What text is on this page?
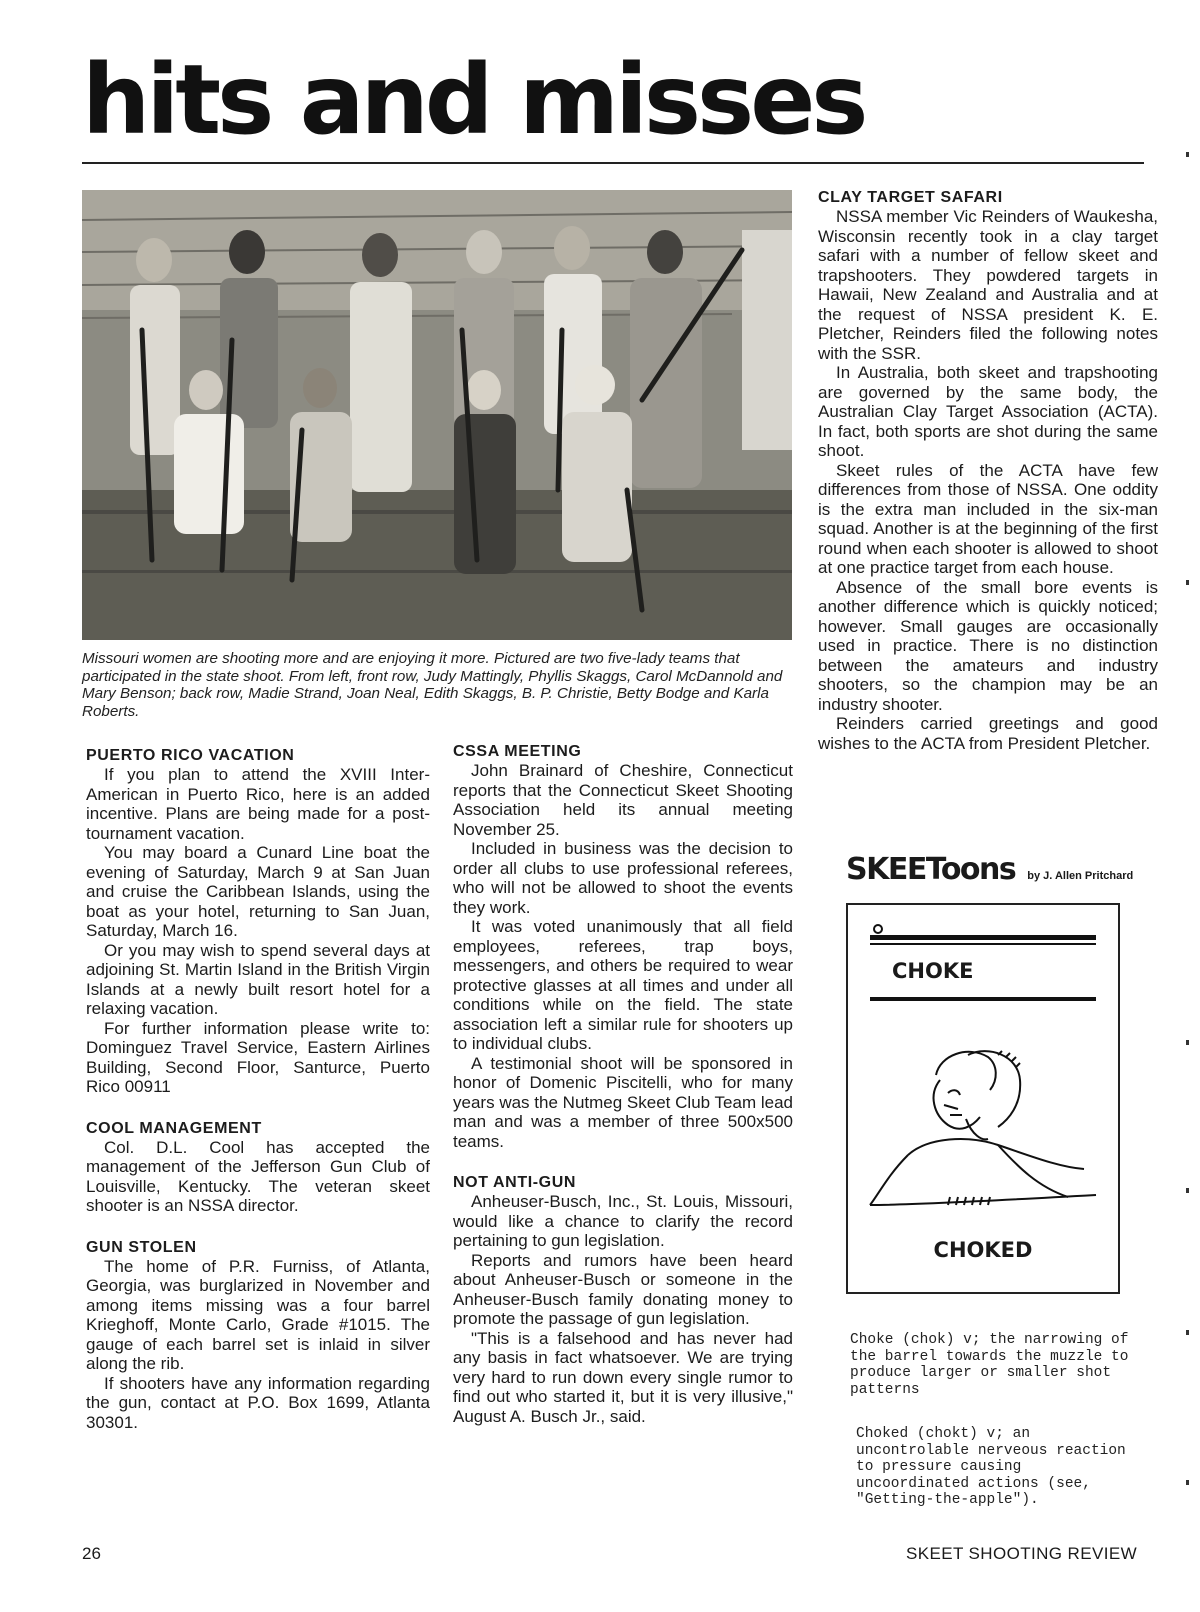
hits and misses
Missouri women are shooting more and are enjoying it more. Pictured are two five-lady teams that participated in the state shoot. From left, front row, Judy Mattingly, Phyllis Skaggs, Carol McDannold and Mary Benson; back row, Madie Strand, Joan Neal, Edith Skaggs, B. P. Christie, Betty Bodge and Karla Roberts.
PUERTO RICO VACATION

If you plan to attend the XVIII Inter-American in Puerto Rico, here is an added incentive. Plans are being made for a post-tournament vacation.

You may board a Cunard Line boat the evening of Saturday, March 9 at San Juan and cruise the Caribbean Islands, using the boat as your hotel, returning to San Juan, Saturday, March 16.

Or you may wish to spend several days at adjoining St. Martin Island in the British Virgin Islands at a newly built resort hotel for a relaxing vacation.

For further information please write to: Dominguez Travel Service, Eastern Airlines Building, Second Floor, Santurce, Puerto Rico 00911

COOL MANAGEMENT

Col. D.L. Cool has accepted the management of the Jefferson Gun Club of Louisville, Kentucky. The veteran skeet shooter is an NSSA director.

GUN STOLEN

The home of P.R. Furniss, of Atlanta, Georgia, was burglarized in November and among items missing was a four barrel Krieghoff, Monte Carlo, Grade #1015. The gauge of each barrel set is inlaid in silver along the rib.

If shooters have any information regarding the gun, contact at P.O. Box 1699, Atlanta 30301.

CSSA MEETING

John Brainard of Cheshire, Connecticut reports that the Connecticut Skeet Shooting Association held its annual meeting November 25.

Included in business was the decision to order all clubs to use professional referees, who will not be allowed to shoot the events they work.

It was voted unanimously that all field employees, referees, trap boys, messengers, and others be required to wear protective glasses at all times and under all conditions while on the field. The state association left a similar rule for shooters up to individual clubs.

A testimonial shoot will be sponsored in honor of Domenic Piscitelli, who for many years was the Nutmeg Skeet Club Team lead man and was a member of three 500x500 teams.

NOT ANTI-GUN

Anheuser-Busch, Inc., St. Louis, Missouri, would like a chance to clarify the record pertaining to gun legislation.

Reports and rumors have been heard about Anheuser-Busch or someone in the Anheuser-Busch family donating money to promote the passage of gun legislation.

"This is a falsehood and has never had any basis in fact whatsoever. We are trying very hard to run down every single rumor to find out who started it, but it is very illusive," August A. Busch Jr., said.

CLAY TARGET SAFARI

NSSA member Vic Reinders of Waukesha, Wisconsin recently took in a clay target safari with a number of fellow skeet and trapshooters. They powdered targets in Hawaii, New Zealand and Australia and at the request of NSSA president K. E. Pletcher, Reinders filed the following notes with the SSR.

In Australia, both skeet and trapshooting are governed by the same body, the Australian Clay Target Association (ACTA). In fact, both sports are shot during the same shoot.

Skeet rules of the ACTA have few differences from those of NSSA. One oddity is the extra man included in the six-man squad. Another is at the beginning of the first round when each shooter is allowed to shoot at one practice target from each house.

Absence of the small bore events is another difference which is quickly noticed; however. Small gauges are occasionally used in practice. There is no distinction between the amateurs and industry shooters, so the champion may be an industry shooter.

Reinders carried greetings and good wishes to the ACTA from President Pletcher.

SKEEToons by J. Allen Pritchard
CHOKE
CHOKED
Choke (chok) v; the narrowing of the barrel towards the muzzle to produce larger or smaller shot patterns
Choked (chokt) v; an uncontrolable nerveous reaction to pressure causing uncoordinated actions (see, "Getting-the-apple").
26	SKEET SHOOTING REVIEW
